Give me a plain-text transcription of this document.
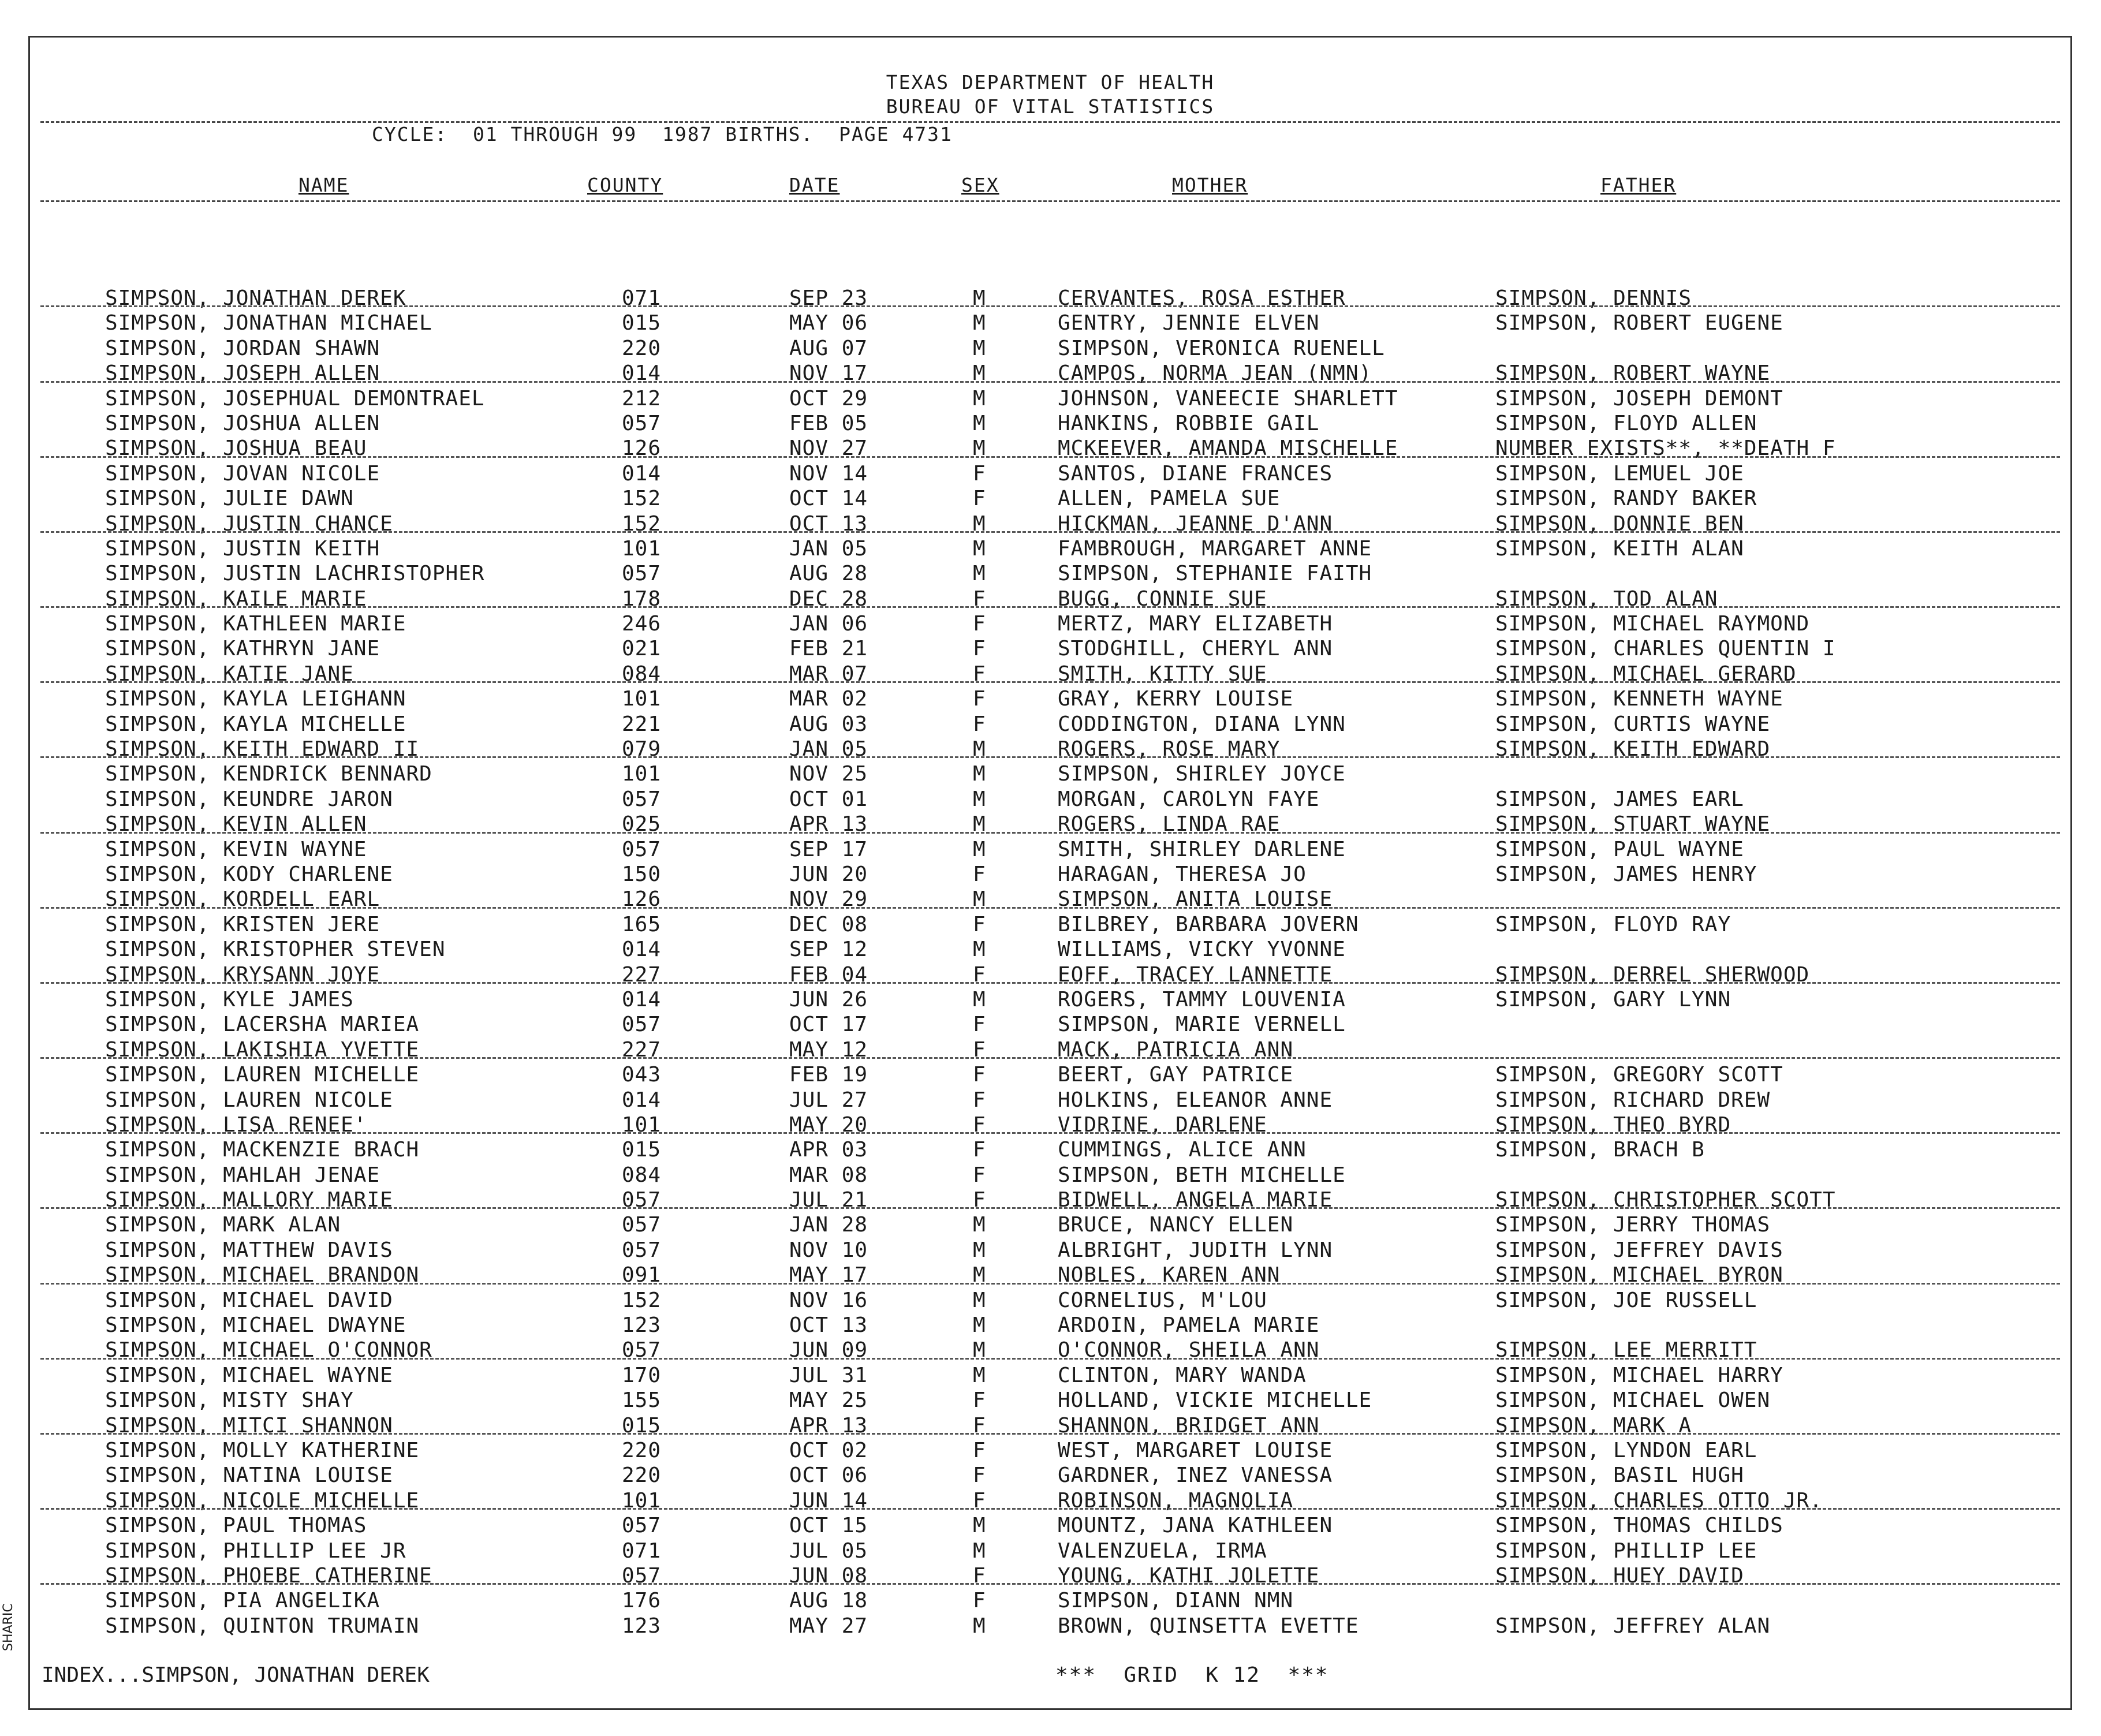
TEXAS DEPARTMENT OF HEALTH
BUREAU OF VITAL STATISTICS
CYCLE:  01 THROUGH 99  1987 BIRTHS.  PAGE 4731
NAME	COUNTY	DATE	SEX	MOTHER	FATHER
SIMPSON, JONATHAN DEREK	071	SEP 23	M	CERVANTES, ROSA ESTHER	SIMPSON, DENNIS
SIMPSON, JONATHAN MICHAEL	015	MAY 06	M	GENTRY, JENNIE ELVEN	SIMPSON, ROBERT EUGENE
SIMPSON, JORDAN SHAWN	220	AUG 07	M	SIMPSON, VERONICA RUENELL
SIMPSON, JOSEPH ALLEN	014	NOV 17	M	CAMPOS, NORMA JEAN (NMN)	SIMPSON, ROBERT WAYNE
SIMPSON, JOSEPHUAL DEMONTRAEL	212	OCT 29	M	JOHNSON, VANEECIE SHARLETT	SIMPSON, JOSEPH DEMONT
SIMPSON, JOSHUA ALLEN	057	FEB 05	M	HANKINS, ROBBIE GAIL	SIMPSON, FLOYD ALLEN
SIMPSON, JOSHUA BEAU	126	NOV 27	M	MCKEEVER, AMANDA MISCHELLE	NUMBER EXISTS**, **DEATH F
SIMPSON, JOVAN NICOLE	014	NOV 14	F	SANTOS, DIANE FRANCES	SIMPSON, LEMUEL JOE
SIMPSON, JULIE DAWN	152	OCT 14	F	ALLEN, PAMELA SUE	SIMPSON, RANDY BAKER
SIMPSON, JUSTIN CHANCE	152	OCT 13	M	HICKMAN, JEANNE D'ANN	SIMPSON, DONNIE BEN
SIMPSON, JUSTIN KEITH	101	JAN 05	M	FAMBROUGH, MARGARET ANNE	SIMPSON, KEITH ALAN
SIMPSON, JUSTIN LACHRISTOPHER	057	AUG 28	M	SIMPSON, STEPHANIE FAITH
SIMPSON, KAILE MARIE	178	DEC 28	F	BUGG, CONNIE SUE	SIMPSON, TOD ALAN
SIMPSON, KATHLEEN MARIE	246	JAN 06	F	MERTZ, MARY ELIZABETH	SIMPSON, MICHAEL RAYMOND
SIMPSON, KATHRYN JANE	021	FEB 21	F	STODGHILL, CHERYL ANN	SIMPSON, CHARLES QUENTIN I
SIMPSON, KATIE JANE	084	MAR 07	F	SMITH, KITTY SUE	SIMPSON, MICHAEL GERARD
SIMPSON, KAYLA LEIGHANN	101	MAR 02	F	GRAY, KERRY LOUISE	SIMPSON, KENNETH WAYNE
SIMPSON, KAYLA MICHELLE	221	AUG 03	F	CODDINGTON, DIANA LYNN	SIMPSON, CURTIS WAYNE
SIMPSON, KEITH EDWARD II	079	JAN 05	M	ROGERS, ROSE MARY	SIMPSON, KEITH EDWARD
SIMPSON, KENDRICK BENNARD	101	NOV 25	M	SIMPSON, SHIRLEY JOYCE
SIMPSON, KEUNDRE JARON	057	OCT 01	M	MORGAN, CAROLYN FAYE	SIMPSON, JAMES EARL
SIMPSON, KEVIN ALLEN	025	APR 13	M	ROGERS, LINDA RAE	SIMPSON, STUART WAYNE
SIMPSON, KEVIN WAYNE	057	SEP 17	M	SMITH, SHIRLEY DARLENE	SIMPSON, PAUL WAYNE
SIMPSON, KODY CHARLENE	150	JUN 20	F	HARAGAN, THERESA JO	SIMPSON, JAMES HENRY
SIMPSON, KORDELL EARL	126	NOV 29	M	SIMPSON, ANITA LOUISE
SIMPSON, KRISTEN JERE	165	DEC 08	F	BILBREY, BARBARA JOVERN	SIMPSON, FLOYD RAY
SIMPSON, KRISTOPHER STEVEN	014	SEP 12	M	WILLIAMS, VICKY YVONNE
SIMPSON, KRYSANN JOYE	227	FEB 04	F	EOFF, TRACEY LANNETTE	SIMPSON, DERREL SHERWOOD
SIMPSON, KYLE JAMES	014	JUN 26	M	ROGERS, TAMMY LOUVENIA	SIMPSON, GARY LYNN
SIMPSON, LACERSHA MARIEA	057	OCT 17	F	SIMPSON, MARIE VERNELL
SIMPSON, LAKISHIA YVETTE	227	MAY 12	F	MACK, PATRICIA ANN
SIMPSON, LAUREN MICHELLE	043	FEB 19	F	BEERT, GAY PATRICE	SIMPSON, GREGORY SCOTT
SIMPSON, LAUREN NICOLE	014	JUL 27	F	HOLKINS, ELEANOR ANNE	SIMPSON, RICHARD DREW
SIMPSON, LISA RENEE'	101	MAY 20	F	VIDRINE, DARLENE	SIMPSON, THEO BYRD
SIMPSON, MACKENZIE BRACH	015	APR 03	F	CUMMINGS, ALICE ANN	SIMPSON, BRACH B
SIMPSON, MAHLAH JENAE	084	MAR 08	F	SIMPSON, BETH MICHELLE
SIMPSON, MALLORY MARIE	057	JUL 21	F	BIDWELL, ANGELA MARIE	SIMPSON, CHRISTOPHER SCOTT
SIMPSON, MARK ALAN	057	JAN 28	M	BRUCE, NANCY ELLEN	SIMPSON, JERRY THOMAS
SIMPSON, MATTHEW DAVIS	057	NOV 10	M	ALBRIGHT, JUDITH LYNN	SIMPSON, JEFFREY DAVIS
SIMPSON, MICHAEL BRANDON	091	MAY 17	M	NOBLES, KAREN ANN	SIMPSON, MICHAEL BYRON
SIMPSON, MICHAEL DAVID	152	NOV 16	M	CORNELIUS, M'LOU	SIMPSON, JOE RUSSELL
SIMPSON, MICHAEL DWAYNE	123	OCT 13	M	ARDOIN, PAMELA MARIE
SIMPSON, MICHAEL O'CONNOR	057	JUN 09	M	O'CONNOR, SHEILA ANN	SIMPSON, LEE MERRITT
SIMPSON, MICHAEL WAYNE	170	JUL 31	M	CLINTON, MARY WANDA	SIMPSON, MICHAEL HARRY
SIMPSON, MISTY SHAY	155	MAY 25	F	HOLLAND, VICKIE MICHELLE	SIMPSON, MICHAEL OWEN
SIMPSON, MITCI SHANNON	015	APR 13	F	SHANNON, BRIDGET ANN	SIMPSON, MARK A
SIMPSON, MOLLY KATHERINE	220	OCT 02	F	WEST, MARGARET LOUISE	SIMPSON, LYNDON EARL
SIMPSON, NATINA LOUISE	220	OCT 06	F	GARDNER, INEZ VANESSA	SIMPSON, BASIL HUGH
SIMPSON, NICOLE MICHELLE	101	JUN 14	F	ROBINSON, MAGNOLIA	SIMPSON, CHARLES OTTO JR.
SIMPSON, PAUL THOMAS	057	OCT 15	M	MOUNTZ, JANA KATHLEEN	SIMPSON, THOMAS CHILDS
SIMPSON, PHILLIP LEE JR	071	JUL 05	M	VALENZUELA, IRMA	SIMPSON, PHILLIP LEE
SIMPSON, PHOEBE CATHERINE	057	JUN 08	F	YOUNG, KATHI JOLETTE	SIMPSON, HUEY DAVID
SIMPSON, PIA ANGELIKA	176	AUG 18	F	SIMPSON, DIANN NMN
SIMPSON, QUINTON TRUMAIN	123	MAY 27	M	BROWN, QUINSETTA EVETTE	SIMPSON, JEFFREY ALAN
INDEX...SIMPSON, JONATHAN DEREK	***  GRID  K 12  ***
SHARIC
